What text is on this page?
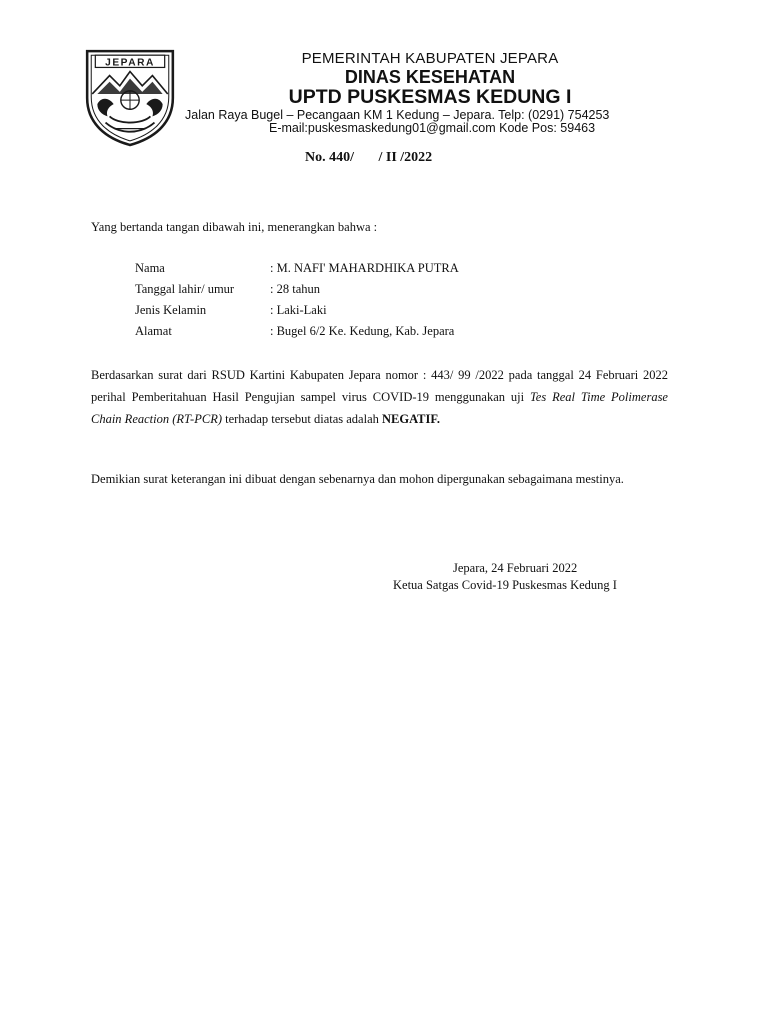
JEPARA	PEMERINTAH KABUPATEN JEPARA
DINAS KESEHATAN
UPTD PUSKESMAS KEDUNG I
Jalan Raya Bugel – Pecangaan KM 1 Kedung – Jepara. Telp: (0291) 754253
E-mail:puskesmaskedung01@gmail.com Kode Pos: 59463
No. 440/       / II /2022
Yang bertanda tangan dibawah ini, menerangkan bahwa :
Nama	: M. NAFI' MAHARDHIKA PUTRA
Tanggal lahir/ umur	: 28 tahun
Jenis Kelamin	: Laki-Laki
Alamat	: Bugel 6/2 Ke. Kedung, Kab. Jepara
Berdasarkan surat dari RSUD Kartini Kabupaten Jepara nomor : 443/ 99 /2022 pada tanggal 24 Februari 2022 perihal Pemberitahuan Hasil Pengujian sampel virus COVID-19 menggunakan uji Tes Real Time Polimerase Chain Reaction (RT-PCR) terhadap tersebut diatas adalah NEGATIF.
Demikian surat keterangan ini dibuat dengan sebenarnya dan mohon dipergunakan sebagaimana mestinya.
Jepara, 24 Februari 2022
Ketua Satgas Covid-19 Puskesmas Kedung I
